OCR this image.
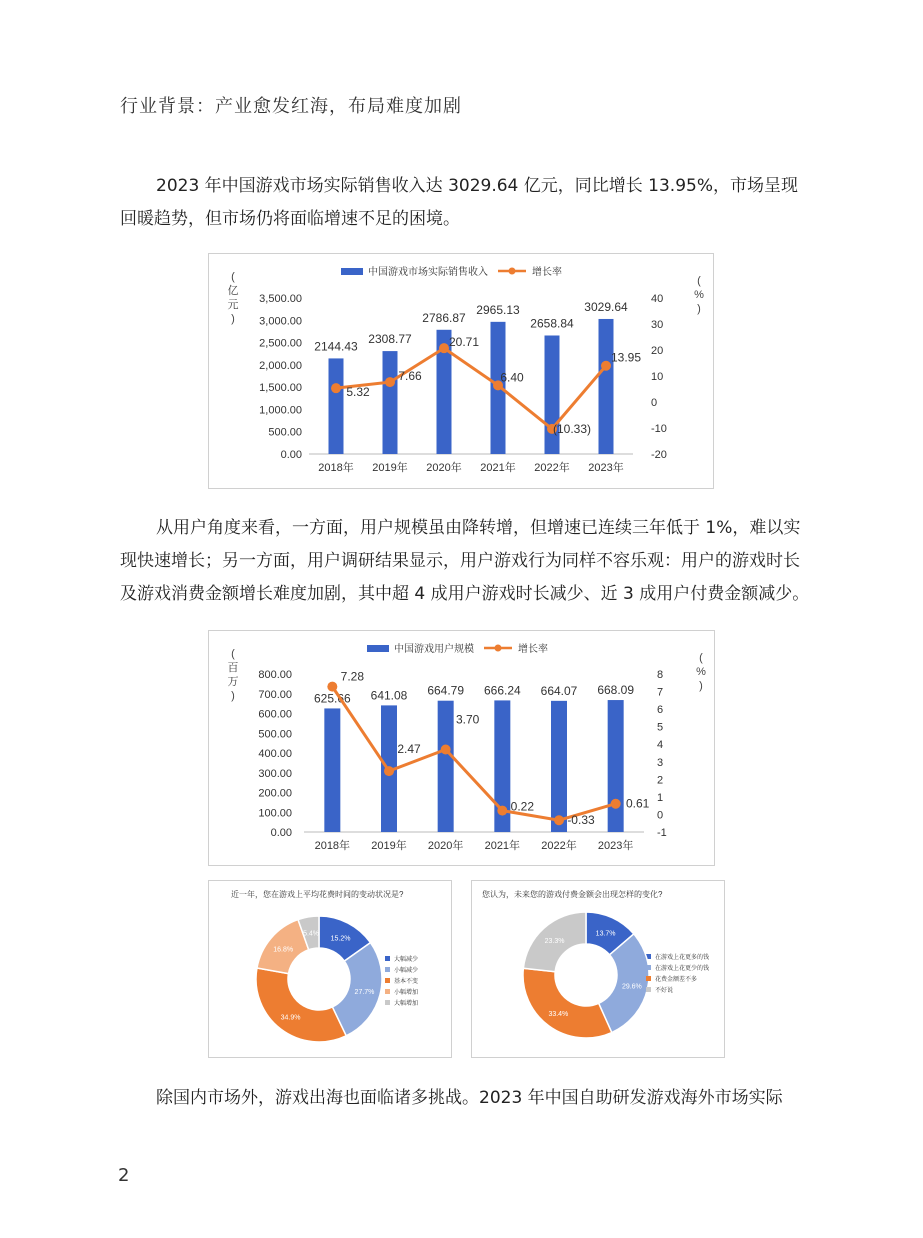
行业背景：产业愈发红海，布局难度加剧
2023 年中国游戏市场实际销售收入达 3029.64 亿元，同比增长 13.95%，市场呈现回暖趋势，但市场仍将面临增速不足的困境。
中国游戏市场实际销售收入	增长率
(
亿
元
)
(
%
)
3,500.00
3,000.00
2,500.00
2,000.00
1,500.00
1,000.00
500.00
0.00
40
30
20
10
0
-10
-20
2144.43
2018年
2308.77
2019年
2786.87
2020年
2965.13
2021年
2658.84
2022年
3029.64
2023年
5.32
7.66
20.71
6.40
(10.33)
13.95
从用户角度来看，一方面，用户规模虽由降转增，但增速已连续三年低于 1%，难以实现快速增长；另一方面，用户调研结果显示，用户游戏行为同样不容乐观：用户的游戏时长及游戏消费金额增长难度加剧，其中超 4 成用户游戏时长减少、近 3 成用户付费金额减少。
中国游戏用户规模	增长率
(
百
万
)
(
%
)
800.00
700.00
600.00
500.00
400.00
300.00
200.00
100.00
0.00
8
7
6
5
4
3
2
1
0
-1
625.66
2018年
641.08
2019年
664.79
2020年
666.24
2021年
664.07
2022年
668.09
2023年
7.28
2.47
3.70
0.22
-0.33
0.61
近一年，您在游戏上平均花费时间的变动状况是?
15.2%
大幅减少
27.7%
小幅减少
34.9%
基本不变
16.8%
小幅增加
5.4%
大幅增加
您认为，未来您的游戏付费金额会出现怎样的变化?
13.7%
在游戏上花更多的钱
29.6%
在游戏上花更少的钱
33.4%
花费金额差不多
23.3%
不好说
除国内市场外，游戏出海也面临诸多挑战。2023 年中国自助研发游戏海外市场实际
2
